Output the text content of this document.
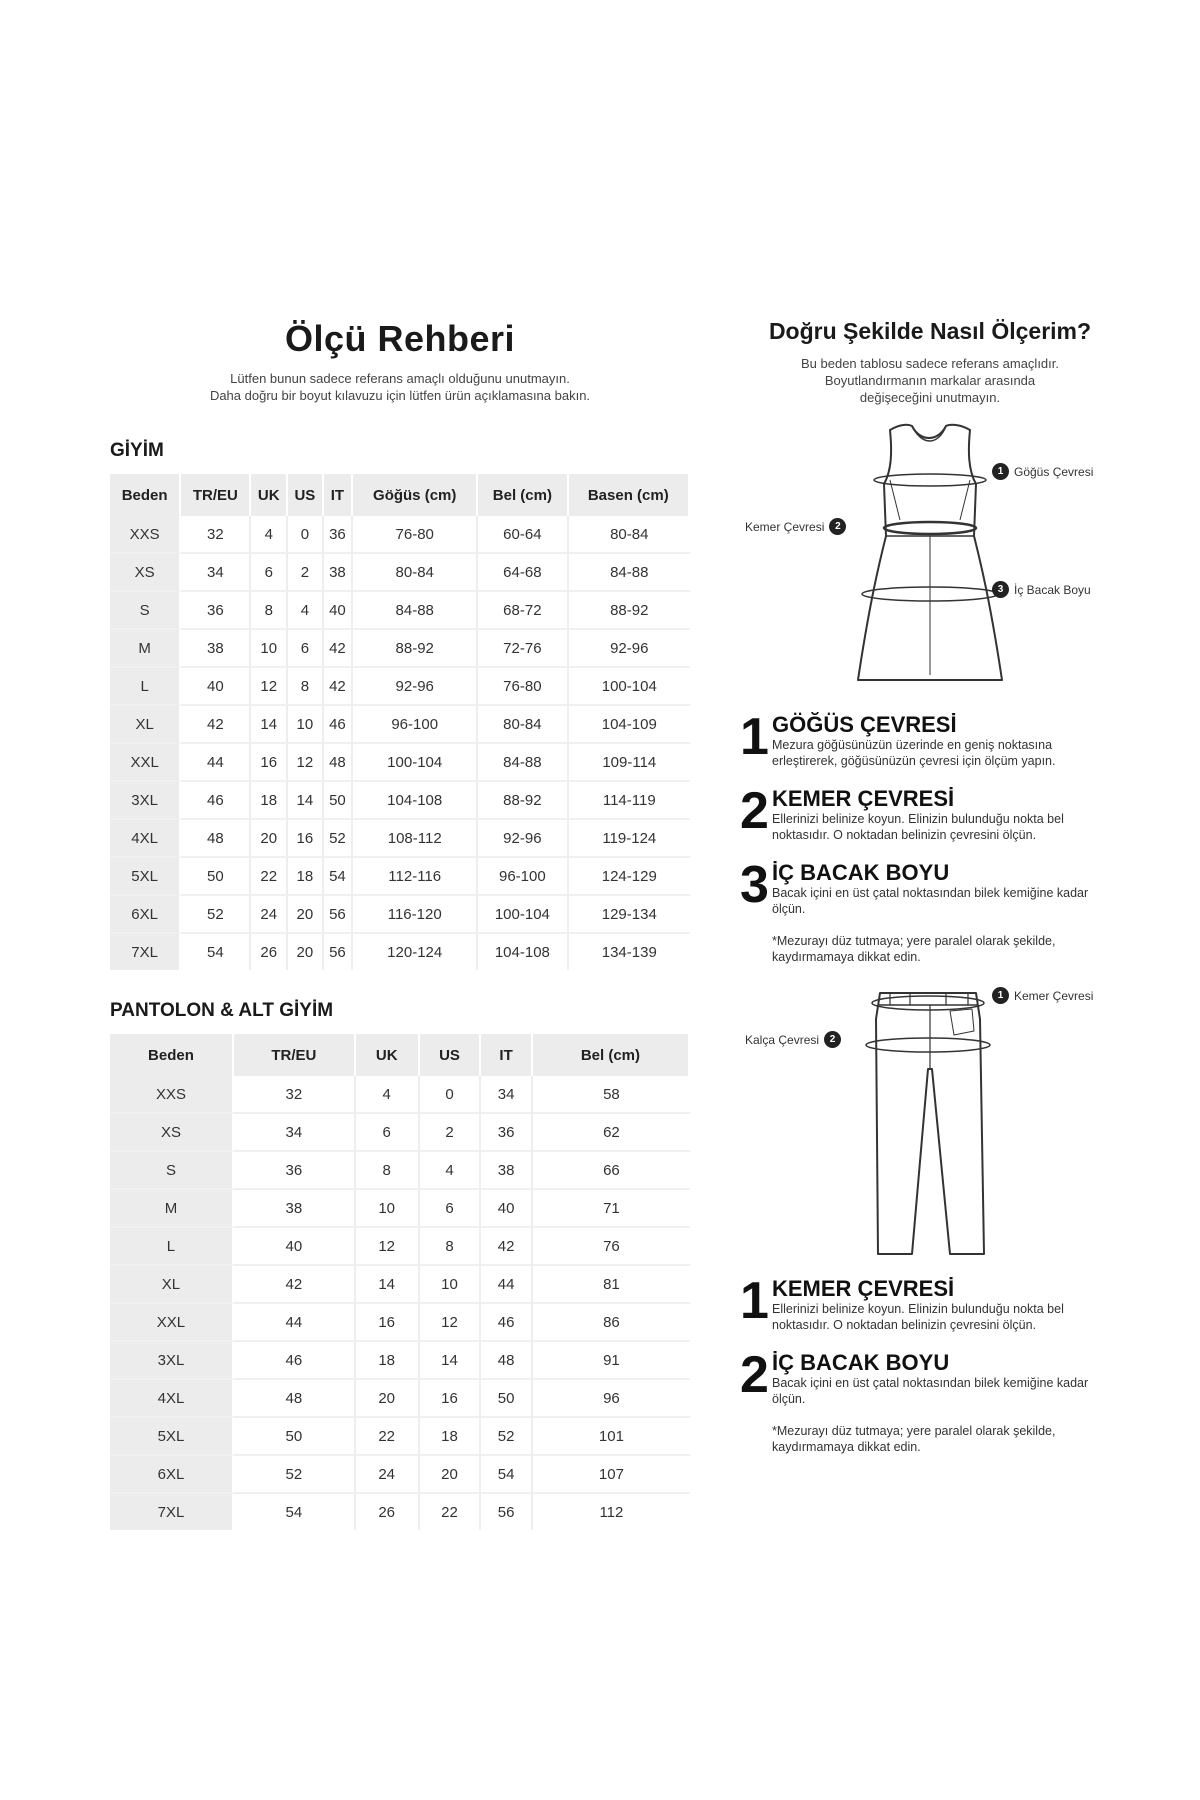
Ölçü Rehberi
Lütfen bunun sadece referans amaçlı olduğunu unutmayın.
Daha doğru bir boyut kılavuzu için lütfen ürün açıklamasına bakın.
GİYİM
Beden	TR/EU	UK	US	IT	Göğüs (cm)	Bel (cm)	Basen (cm)
XXS	32	4	0	36	76-80	60-64	80-84
XS	34	6	2	38	80-84	64-68	84-88
S	36	8	4	40	84-88	68-72	88-92
M	38	10	6	42	88-92	72-76	92-96
L	40	12	8	42	92-96	76-80	100-104
XL	42	14	10	46	96-100	80-84	104-109
XXL	44	16	12	48	100-104	84-88	109-114
3XL	46	18	14	50	104-108	88-92	114-119
4XL	48	20	16	52	108-112	92-96	119-124
5XL	50	22	18	54	112-116	96-100	124-129
6XL	52	24	20	56	116-120	100-104	129-134
7XL	54	26	20	56	120-124	104-108	134-139
PANTOLON & ALT GİYİM
Beden	TR/EU	UK	US	IT	Bel (cm)
XXS	32	4	0	34	58
XS	34	6	2	36	62
S	36	8	4	38	66
M	38	10	6	40	71
L	40	12	8	42	76
XL	42	14	10	44	81
XXL	44	16	12	46	86
3XL	46	18	14	48	91
4XL	48	20	16	50	96
5XL	50	22	18	52	101
6XL	52	24	20	54	107
7XL	54	26	22	56	112
Doğru Şekilde Nasıl Ölçerim?
Bu beden tablosu sadece referans amaçlıdır.
Boyutlandırmanın markalar arasında
değişeceğini unutmayın.
1 Göğüs Çevresi
Kemer Çevresi	2
3 İç Bacak Boyu
1 GÖĞÜS ÇEVRESİ
Mezura göğüsünüzün üzerinde en geniş noktasına erleştirerek, göğüsünüzün çevresi için ölçüm yapın.
2 KEMER ÇEVRESİ
Ellerinizi belinize koyun. Elinizin bulunduğu nokta bel noktasıdır. O noktadan belinizin çevresini ölçün.
3 İÇ BACAK BOYU
Bacak içini en üst çatal noktasından bilek kemiğine kadar ölçün.
*Mezurayı düz tutmaya; yere paralel olarak şekilde, kaydırmamaya dikkat edin.
1 Kemer Çevresi
Kalça Çevresi	2
1 KEMER ÇEVRESİ
Ellerinizi belinize koyun. Elinizin bulunduğu nokta bel noktasıdır. O noktadan belinizin çevresini ölçün.
2 İÇ BACAK BOYU
Bacak içini en üst çatal noktasından bilek kemiğine kadar ölçün.
*Mezurayı düz tutmaya; yere paralel olarak şekilde, kaydırmamaya dikkat edin.
